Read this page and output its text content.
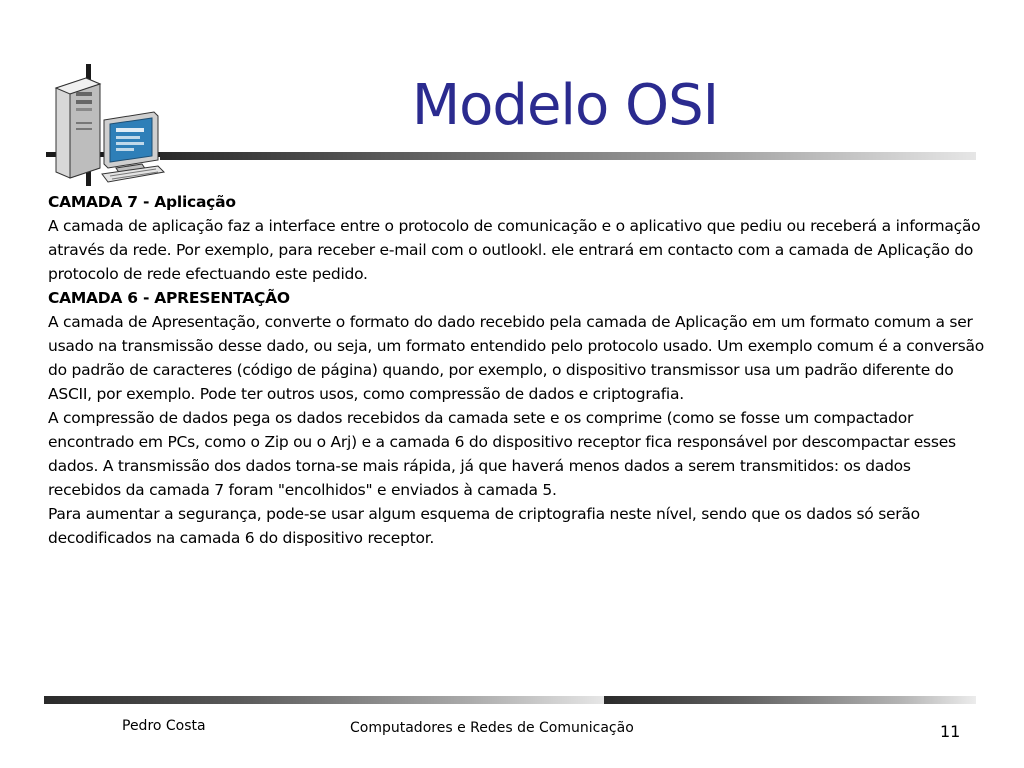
Modelo OSI

CAMADA 7 - Aplicação

A camada de aplicação faz a interface entre o protocolo de comunicação e o aplicativo que pediu ou receberá a informação através da rede. Por exemplo, para receber e-mail com o outlookl. ele entrará em contacto com a camada de Aplicação do protocolo de rede efectuando este pedido.

CAMADA 6 - APRESENTAÇÃO

A camada de Apresentação, converte o formato do dado recebido pela camada de Aplicação em um formato comum a ser usado na transmissão desse dado, ou seja, um formato entendido pelo protocolo usado. Um exemplo comum é a conversão do padrão de caracteres (código de página) quando, por exemplo, o dispositivo transmissor usa um padrão diferente do ASCII, por exemplo. Pode ter outros usos, como compressão de dados e criptografia.

A compressão de dados pega os dados recebidos da camada sete e os comprime (como se fosse um compactador encontrado em PCs, como o Zip ou o Arj) e a camada 6 do dispositivo receptor fica responsável por descompactar esses dados. A transmissão dos dados torna-se mais rápida, já que haverá menos dados a serem transmitidos: os dados recebidos da camada 7 foram "encolhidos" e enviados à camada 5.

Para aumentar a segurança, pode-se usar algum esquema de criptografia neste nível, sendo que os dados só serão decodificados na camada 6 do dispositivo receptor.

Pedro Costa	Computadores e Redes de Comunicação	11
